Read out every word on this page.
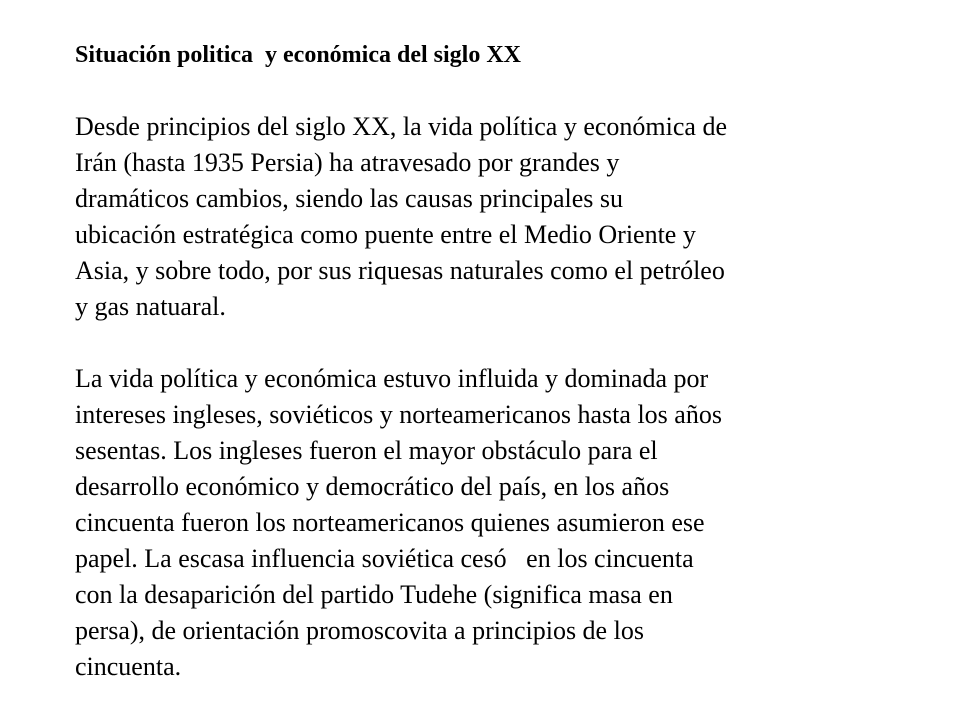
Situación politica  y económica del siglo XX

Desde principios del siglo XX, la vida política y económica de
Irán (hasta 1935 Persia) ha atravesado por grandes y
dramáticos cambios, siendo las causas principales su
ubicación estratégica como puente entre el Medio Oriente y
Asia, y sobre todo, por sus riquesas naturales como el petróleo
y gas natuaral.

La vida política y económica estuvo influida y dominada por
intereses ingleses, soviéticos y norteamericanos hasta los años
sesentas. Los ingleses fueron el mayor obstáculo para el
desarrollo económico y democrático del país, en los años
cincuenta fueron los norteamericanos quienes asumieron ese
papel. La escasa influencia soviética cesó   en los cincuenta
con la desaparición del partido Tudehe (significa masa en
persa), de orientación promoscovita a principios de los
cincuenta.
